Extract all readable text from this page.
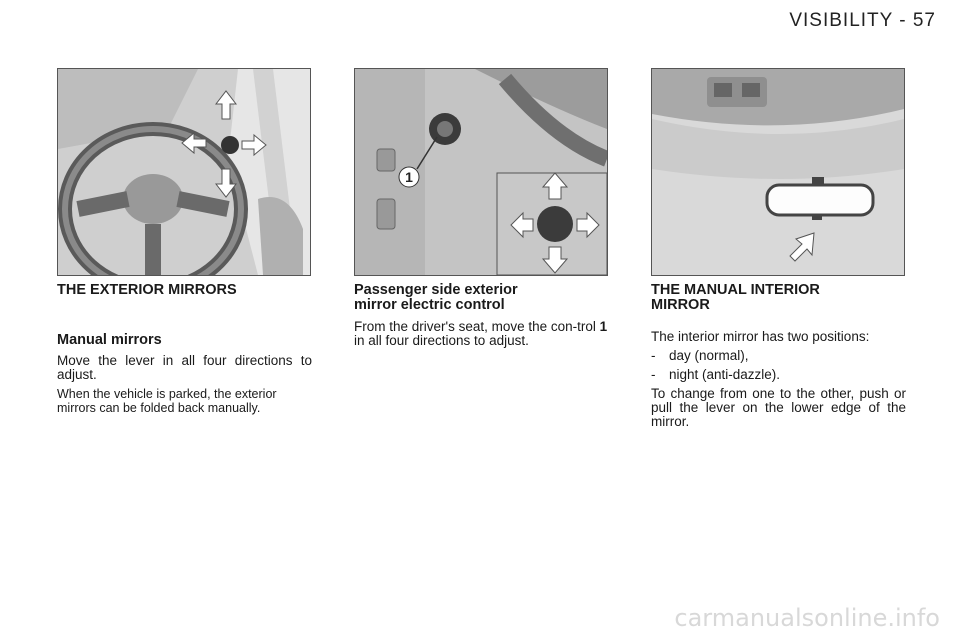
VISIBILITY - 57
1
THE EXTERIOR MIRRORS
Manual mirrors

Move the lever in all four directions to adjust.

When the vehicle is parked, the exterior mirrors can be folded back manually.

Passenger side exterior
mirror electric control

From the driver's seat, move the con-trol 1 in all four directions to adjust.

THE MANUAL INTERIOR
MIRROR

The interior mirror has two positions:

-	day (normal),
-	night (anti-dazzle).

To change from one to the other, push or pull the lever on the lower edge of the mirror.

carmanualsonline.info
